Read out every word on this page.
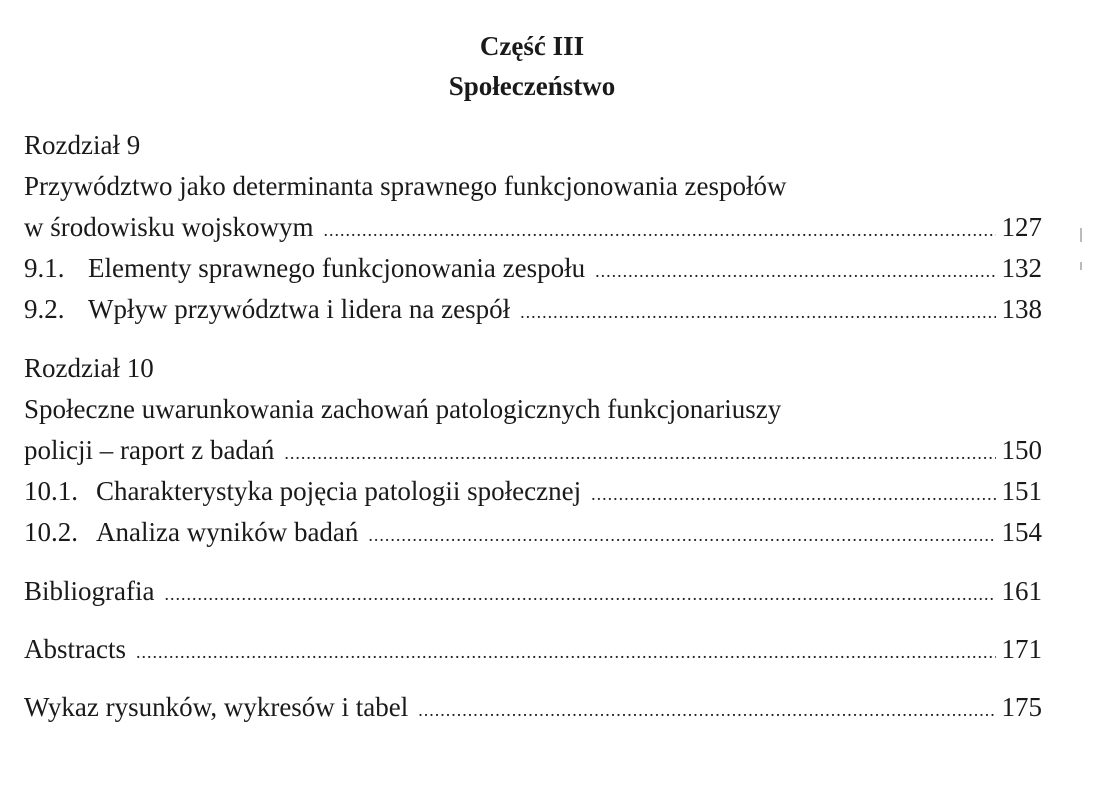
Część III
Społeczeństwo
Rozdział 9
Przywództwo jako determinanta sprawnego funkcjonowania zespołów
w środowisku wojskowym .....	127
9.1. Elementy sprawnego funkcjonowania zespołu .....	132
9.2. Wpływ przywództwa i lidera na zespół .....	138
Rozdział 10
Społeczne uwarunkowania zachowań patologicznych funkcjonariuszy
policji – raport z badań .....	150
10.1. Charakterystyka pojęcia patologii społecznej .....	151
10.2. Analiza wyników badań .....	154
Bibliografia .....	161
Abstracts .....	171
Wykaz rysunków, wykresów i tabel .....	175
